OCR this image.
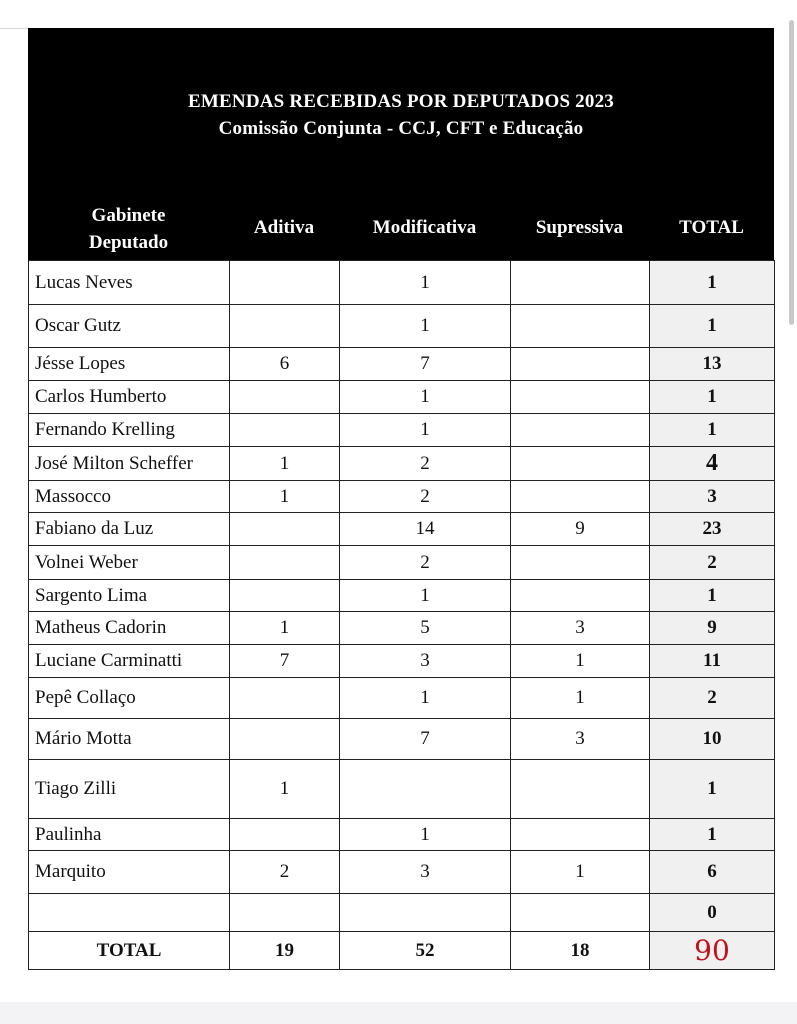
EMENDAS RECEBIDAS POR DEPUTADOS 2023
Comissão Conjunta - CCJ, CFT e Educação
Gabinete
Deputado
Aditiva	Modificativa	Supressiva	TOTAL
Lucas Neves		1		1
Oscar Gutz		1		1
Jésse Lopes	6	7		13
Carlos Humberto		1		1
Fernando Krelling		1		1
José Milton Scheffer	1	2		4
Massocco	1	2		3
Fabiano da Luz		14	9	23
Volnei Weber		2		2
Sargento Lima		1		1
Matheus Cadorin	1	5	3	9
Luciane Carminatti	7	3	1	11
Pepê Collaço		1	1	2
Mário Motta		7	3	10
Tiago Zilli	1			1
Paulinha		1		1
Marquito	2	3	1	6
				0
TOTAL	19	52	18	90
